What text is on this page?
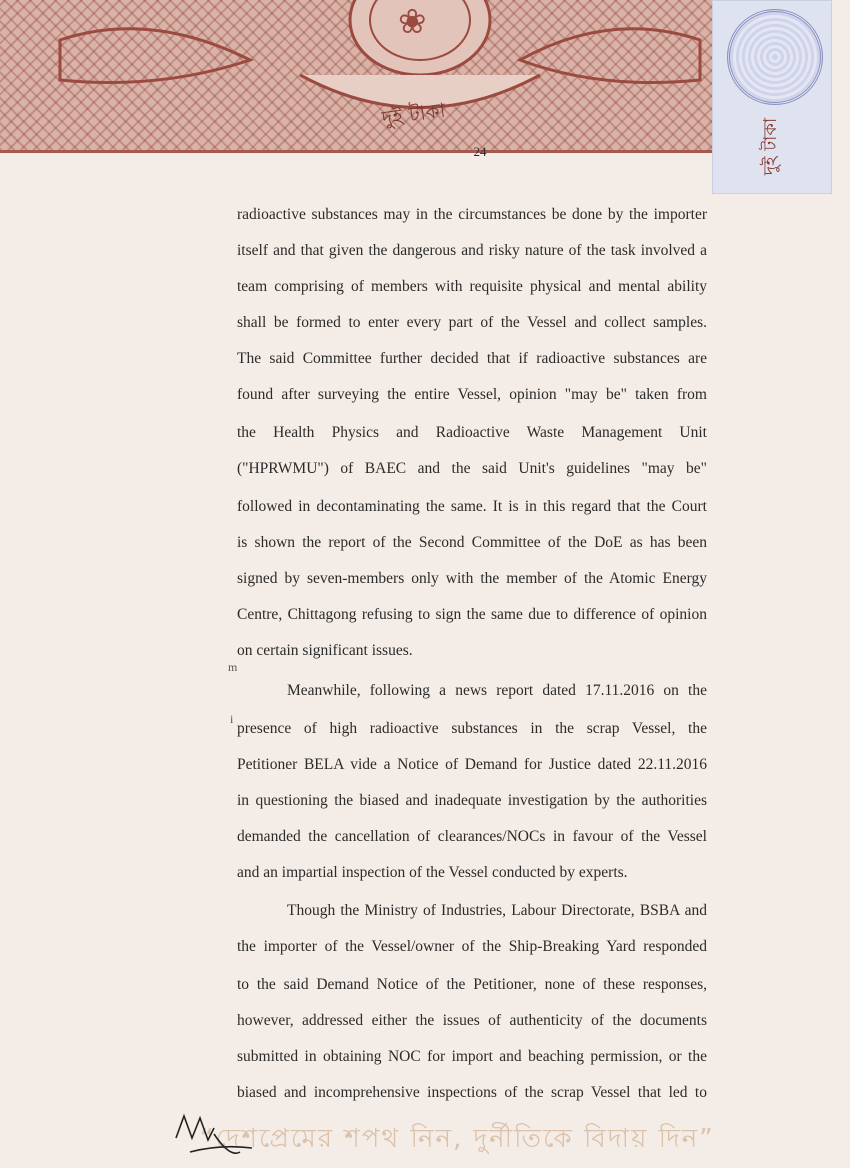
❀
দুই টাকা
দুই টাকা
24
radioactive substances may in the circumstances be done by the importer
itself and that given the dangerous and risky nature of the task involved a
team comprising of members with requisite physical and mental ability
shall be formed to enter every part of the Vessel and collect samples.
The said Committee further decided that if radioactive substances are
found after surveying the entire Vessel, opinion "may be" taken from
the Health Physics and Radioactive Waste Management Unit
("HPRWMU") of BAEC and the said Unit's guidelines "may be"
followed in decontaminating the same. It is in this regard that the Court
is shown the report of the Second Committee of the DoE as has been
signed by seven-members only with the member of the Atomic Energy
Centre, Chittagong refusing to sign the same due to difference of opinion
on certain significant issues.
Meanwhile, following a news report dated 17.11.2016 on the
presence of high radioactive substances in the scrap Vessel, the
Petitioner BELA vide a Notice of Demand for Justice dated 22.11.2016
in questioning the biased and inadequate investigation by the authorities
demanded the cancellation of clearances/NOCs in favour of the Vessel
and an impartial inspection of the Vessel conducted by experts.
Though the Ministry of Industries, Labour Directorate, BSBA and
the importer of the Vessel/owner of the Ship-Breaking Yard responded
to the said Demand Notice of the Petitioner, none of these responses,
however, addressed either the issues of authenticity of the documents
submitted in obtaining NOC for import and beaching permission, or the
biased and incomprehensive inspections of the scrap Vessel that led to
m
i
“দেশপ্রেমের শপথ নিন, দুর্নীতিকে বিদায় দিন”
